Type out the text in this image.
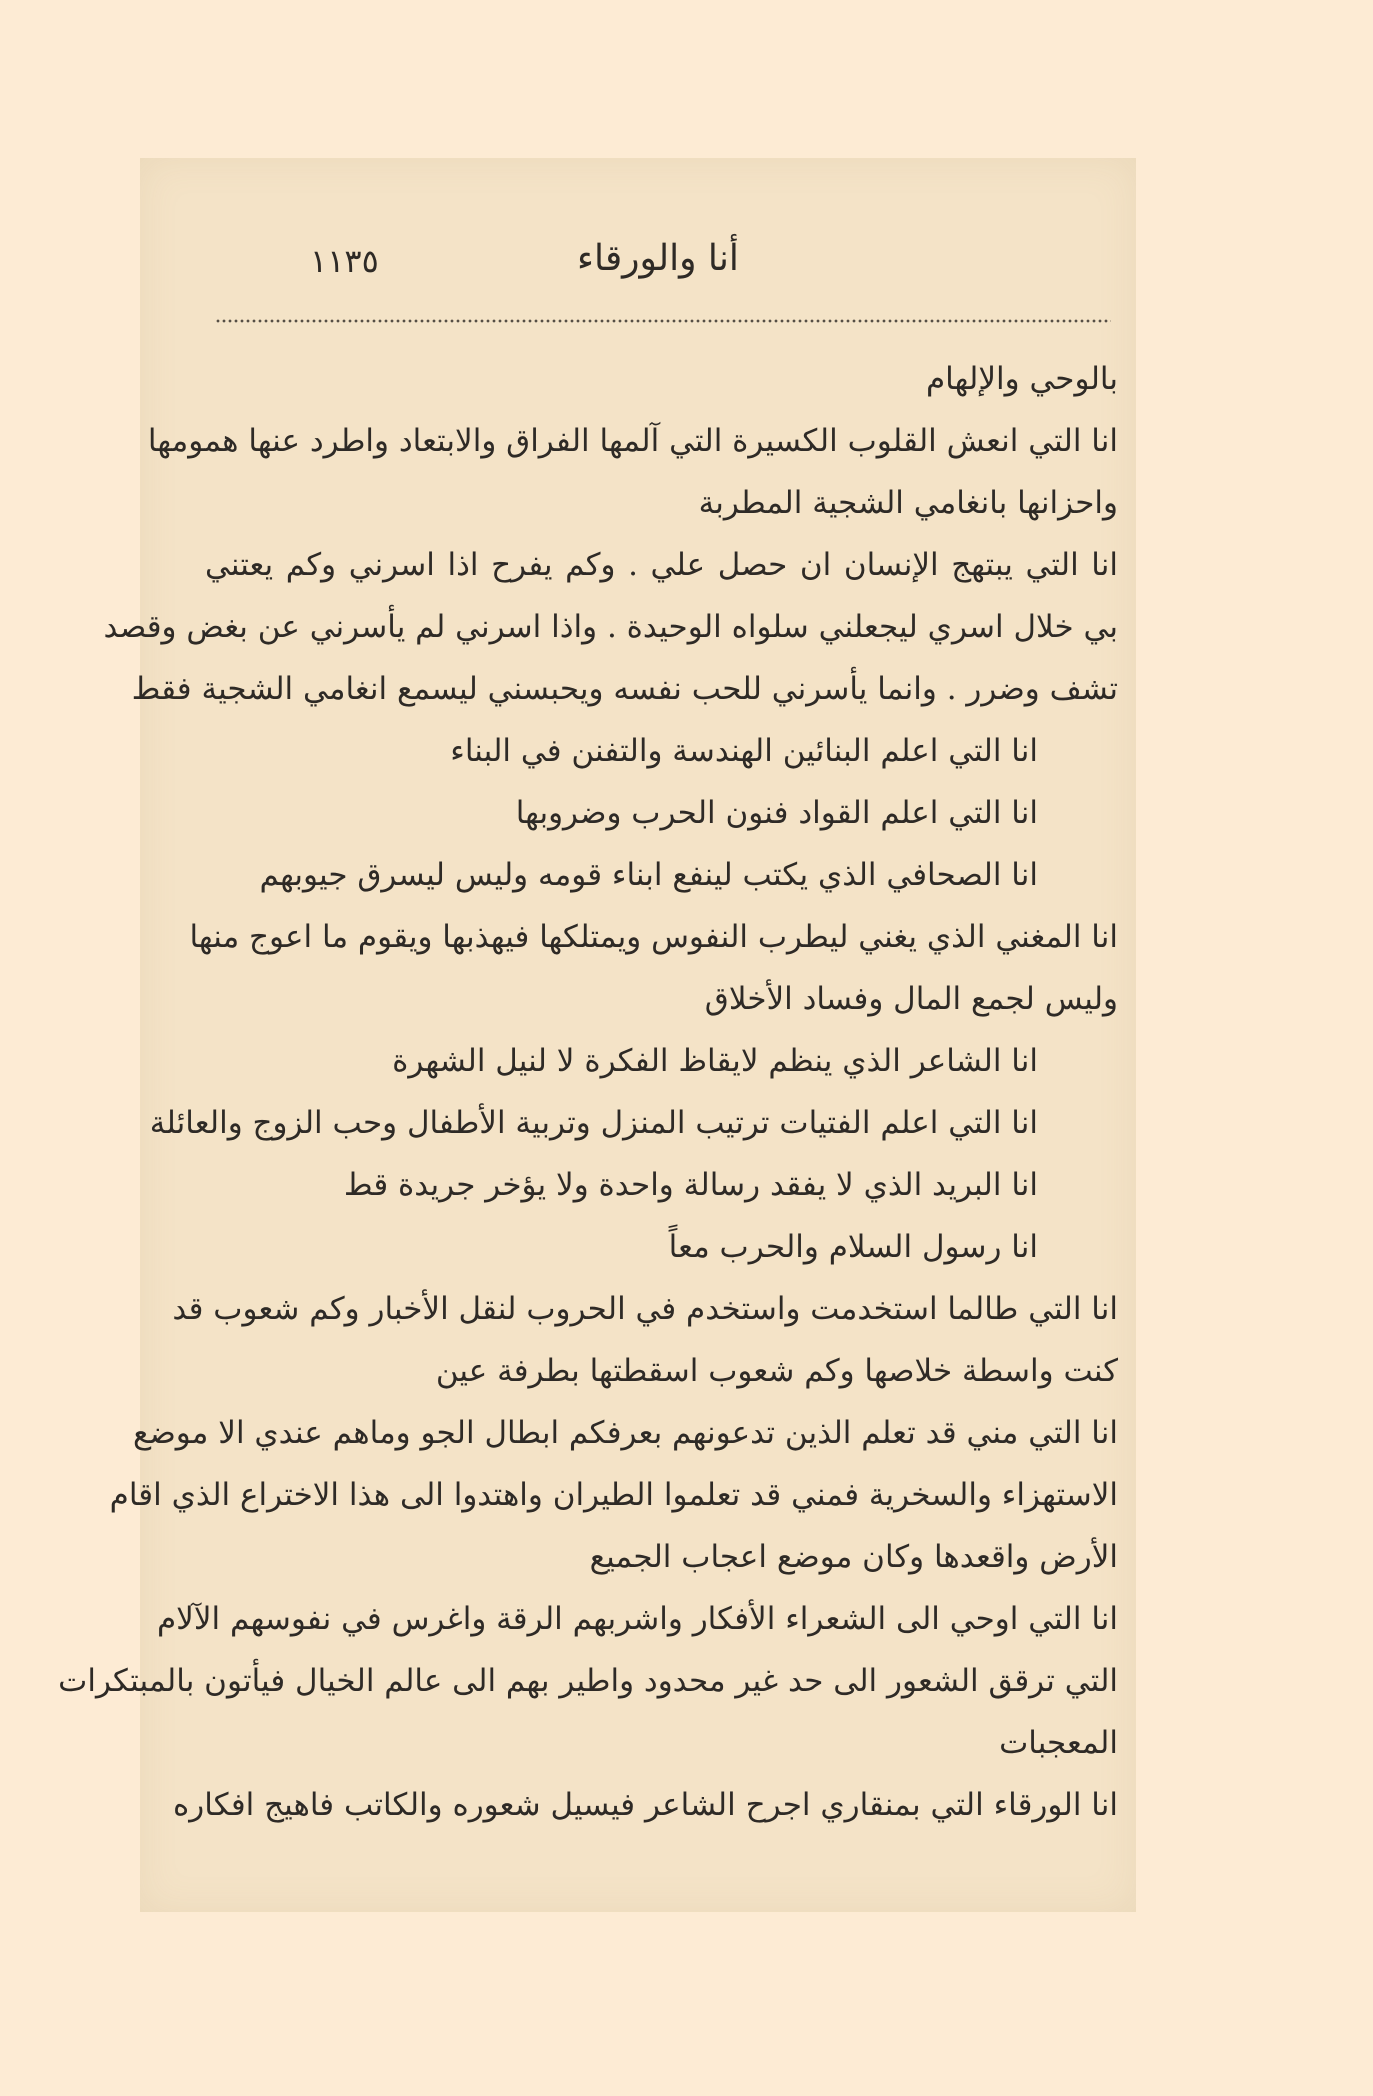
أنا والورقاء
١١٣٥
بالوحي والإلهام
انا التي انعش القلوب الكسيرة التي آلمها الفراق والابتعاد واطرد عنها همومها
واحزانها بانغامي الشجية المطربة
انا التي يبتهج الإنسان ان حصل علي . وكم يفرح اذا اسرني وكم يعتني
بي خلال اسري ليجعلني سلواه الوحيدة . واذا اسرني لم يأسرني عن بغض وقصد
تشف وضرر . وانما يأسرني للحب نفسه ويحبسني ليسمع انغامي الشجية فقط
انا التي اعلم البنائين الهندسة والتفنن في البناء
انا التي اعلم القواد فنون الحرب وضروبها
انا الصحافي الذي يكتب لينفع ابناء قومه وليس ليسرق جيوبهم
انا المغني الذي يغني ليطرب النفوس ويمتلكها فيهذبها ويقوم ما اعوج منها
وليس لجمع المال وفساد الأخلاق
انا الشاعر الذي ينظم لايقاظ الفكرة لا لنيل الشهرة
انا التي اعلم الفتيات ترتيب المنزل وتربية الأطفال وحب الزوج والعائلة
انا البريد الذي لا يفقد رسالة واحدة ولا يؤخر جريدة قط
انا رسول السلام والحرب معاً
انا التي طالما استخدمت واستخدم في الحروب لنقل الأخبار وكم شعوب قد
كنت واسطة خلاصها وكم شعوب اسقطتها بطرفة عين
انا التي مني قد تعلم الذين تدعونهم بعرفكم ابطال الجو وماهم عندي الا موضع
الاستهزاء والسخرية فمني قد تعلموا الطيران واهتدوا الى هذا الاختراع الذي اقام
الأرض واقعدها وكان موضع اعجاب الجميع
انا التي اوحي الى الشعراء الأفكار واشربهم الرقة واغرس في نفوسهم الآلام
التي ترقق الشعور الى حد غير محدود واطير بهم الى عالم الخيال فيأتون بالمبتكرات
المعجبات
انا الورقاء التي بمنقاري اجرح الشاعر فيسيل شعوره والكاتب فاهيج افكاره
